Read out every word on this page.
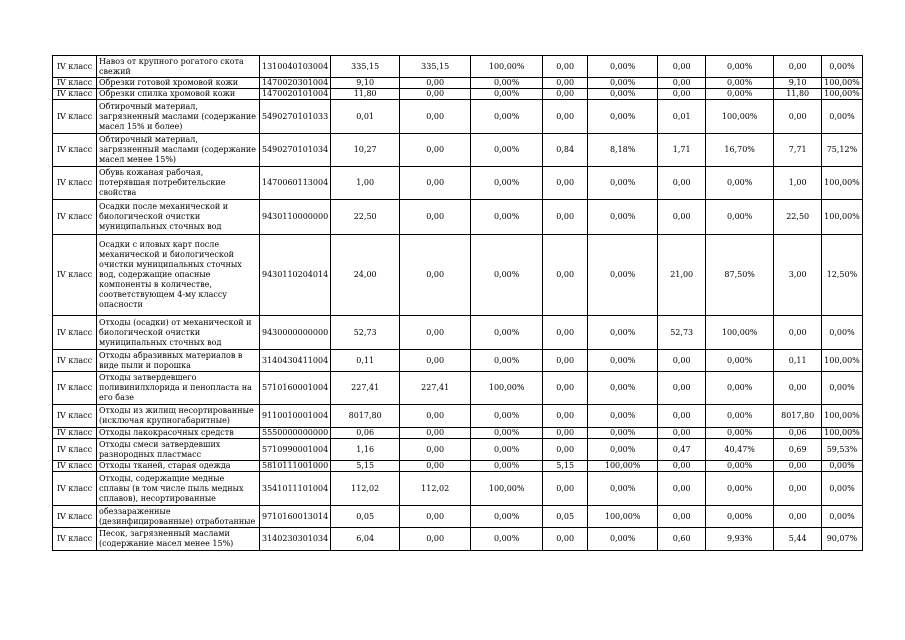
IV класс	Навоз от крупного рогатого скота свежий	1310040103004	335,15	335,15	100,00%	0,00	0,00%	0,00	0,00%	0,00	0,00%
IV класс	Обрезки готовой хромовой кожи	1470020301004	9,10	0,00	0,00%	0,00	0,00%	0,00	0,00%	9,10	100,00%
IV класс	Обрезки спилка хромовой кожи	1470020101004	11,80	0,00	0,00%	0,00	0,00%	0,00	0,00%	11,80	100,00%
IV класс	Обтирочный материал, загрязненный маслами (содержание масел 15% и более)	5490270101033	0,01	0,00	0,00%	0,00	0,00%	0,01	100,00%	0,00	0,00%
IV класс	Обтирочный материал, загрязненный маслами (содержание масел менее 15%)	5490270101034	10,27	0,00	0,00%	0,84	8,18%	1,71	16,70%	7,71	75,12%
IV класс	Обувь кожаная рабочая, потерявшая потребительские свойства	1470060113004	1,00	0,00	0,00%	0,00	0,00%	0,00	0,00%	1,00	100,00%
IV класс	Осадки после механической и биологической очистки муниципальных сточных вод	9430110000000	22,50	0,00	0,00%	0,00	0,00%	0,00	0,00%	22,50	100,00%
IV класс	Осадки с иловых карт после механической и биологической очистки муниципальных сточных вод, содержащие опасные компоненты в количестве, соответствующем 4-му классу опасности	9430110204014	24,00	0,00	0,00%	0,00	0,00%	21,00	87,50%	3,00	12,50%
IV класс	Отходы (осадки) от механической и биологической очистки муниципальных сточных вод	9430000000000	52,73	0,00	0,00%	0,00	0,00%	52,73	100,00%	0,00	0,00%
IV класс	Отходы абразивных материалов в виде пыли и порошка	3140430411004	0,11	0,00	0,00%	0,00	0,00%	0,00	0,00%	0,11	100,00%
IV класс	Отходы затвердевшего поливинилхлорида и пенопласта на его базе	5710160001004	227,41	227,41	100,00%	0,00	0,00%	0,00	0,00%	0,00	0,00%
IV класс	Отходы из жилищ несортированные (исключая крупногабаритные)	9110010001004	8017,80	0,00	0,00%	0,00	0,00%	0,00	0,00%	8017,80	100,00%
IV класс	Отходы лакокрасочных средств	5550000000000	0,06	0,00	0,00%	0,00	0,00%	0,00	0,00%	0,06	100,00%
IV класс	Отходы смеси затвердевших разнородных пластмасс	5710990001004	1,16	0,00	0,00%	0,00	0,00%	0,47	40,47%	0,69	59,53%
IV класс	Отходы тканей, старая одежда	5810111001000	5,15	0,00	0,00%	5,15	100,00%	0,00	0,00%	0,00	0,00%
IV класс	Отходы, содержащие медные сплавы (в том числе пыль медных сплавов), несортированные	3541011101004	112,02	112,02	100,00%	0,00	0,00%	0,00	0,00%	0,00	0,00%
IV класс	обеззараженные (дезинфицированные) отработанные	9710160013014	0,05	0,00	0,00%	0,05	100,00%	0,00	0,00%	0,00	0,00%
IV класс	Песок, загрязненный маслами (содержание масел менее 15%)	3140230301034	6,04	0,00	0,00%	0,00	0,00%	0,60	9,93%	5,44	90,07%
